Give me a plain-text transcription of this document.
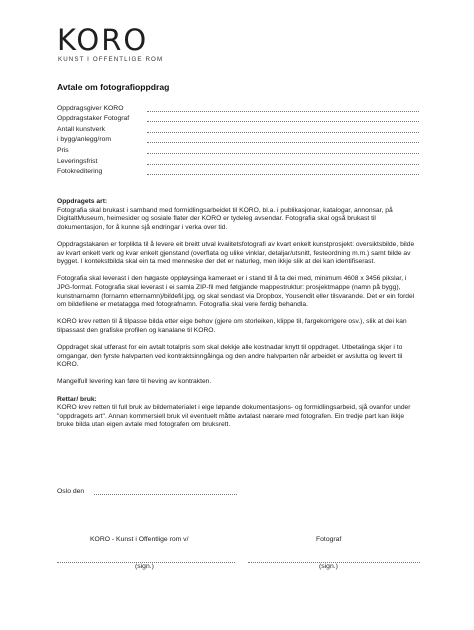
KORO
KUNST I OFFENTLIGE ROM
Avtale om fotografioppdrag
Oppdragsgiver KORO
Oppdragstaker Fotograf
Antall kunstverk
i bygg/anlegg/rom
Pris
Leveringsfrist
Fotokreditering
Oppdragets art:

Fotografia skal brukast i samband med formidlingsarbeidet til KORO, bl.a. i publikasjonar, katalogar, annonsar, på DigitaltMuseum, heimesider og sosiale flater der KORO er tydeleg avsendar. Fotografia skal også brukast til dokumentasjon, for å kunne sjå endringar i verka over tid.

Oppdragstakaren er forplikta til å levere eit breitt utval kvalitetsfotografi av kvart enkelt kunstprosjekt: oversiktsbilde, bilde av kvart enkelt verk og kvar enkelt gjenstand (overflata og ulike vinklar, detaljar/utsnitt, festeordning m.m.) samt bilde av bygget. I kontekstbilda skal ein ta med menneske der det er naturleg, men ikkje slik at dei kan identifiserast.

Fotografia skal leverast i den høgaste oppløysinga kameraet er i stand til å ta dei med, minimum 4608 x 3456 pikslar, i JPG-format. Fotografia skal leverast i ei samla ZIP-fil med følgjande mappestruktur: prosjektmappe (namn på bygg), kunstnarnamn (fornamn etternamn)/bildefil.jpg, og skal sendast via Dropbox, Yousendit eller tilsvarande. Det er ein fordel om bildefilene er metatagga med fotografnamn. Fotografia skal vere ferdig behandla.

KORO krev retten til å tilpasse bilda etter eige behov (gjere om storleiken, klippe til, fargekorrigere osv.), slik at dei kan tilpassast den grafiske profilen og kanalane til KORO.

Oppdraget skal utførast for ein avtalt totalpris som skal dekkje alle kostnadar knytt til oppdraget. Utbetalinga skjer i to omgangar, den fyrste halvparten ved kontraktsinngåinga og den andre halvparten når arbeidet er avslutta og levert til KORO.

Mangelfull levering kan føre til heving av kontrakten.

Rettar/ bruk:

KORO krev retten til full bruk av bildematerialet i eige løpande dokumentasjons- og formidlingsarbeid, sjå ovanfor under "oppdragets art". Annan kommersiell bruk vil eventuelt måtte avtalast nærare med fotografen. Ein tredje part kan ikkje bruke bilda utan eigen avtale med fotografen om bruksrett.

Oslo den
KORO - Kunst i Offentlige rom v/	Fotograf
(sign.)	(sign.)
